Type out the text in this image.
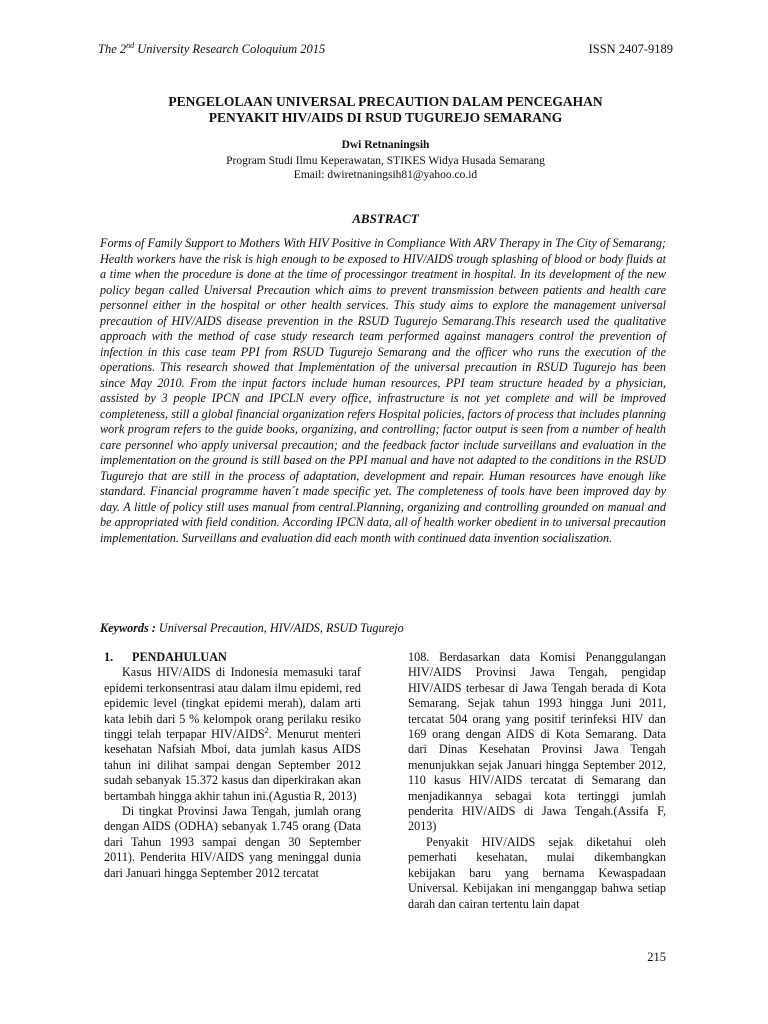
The 2nd University Research Coloquium 2015	ISSN 2407-9189
PENGELOLAAN UNIVERSAL PRECAUTION DALAM PENCEGAHAN
PENYAKIT HIV/AIDS DI RSUD TUGUREJO SEMARANG
Dwi Retnaningsih
Program Studi Ilmu Keperawatan, STIKES Widya Husada Semarang
Email: dwiretnaningsih81@yahoo.co.id
ABSTRACT
Forms of Family Support to Mothers With HIV Positive in Compliance With ARV Therapy in The City of Semarang; Health workers have the risk is high enough to be exposed to HIV/AIDS trough splashing of blood or body fluids at a time when the procedure is done at the time of processingor treatment in hospital. In its development of the new policy began called Universal Precaution which aims to prevent transmission between patients and health care personnel either in the hospital or other health services. This study aims to explore the management universal precaution of HIV/AIDS disease prevention in the RSUD Tugurejo Semarang.This research used the qualitative approach with the method of case study research team performed against managers control the prevention of infection in this case team PPI from RSUD Tugurejo Semarang and the officer who runs the execution of the operations. This research showed that Implementation of the universal precaution in RSUD Tugurejo has been since May 2010. From the input factors include human resources, PPI team structure headed by a physician, assisted by 3 people IPCN and IPCLN every office, infrastructure is not yet complete and will be improved completeness, still a global financial organization refers Hospital policies, factors of process that includes planning work program refers to the guide books, organizing, and controlling; factor output is seen from a number of health care personnel who apply universal precaution; and the feedback factor include surveillans and evaluation in the implementation on the ground is still based on the PPI manual and have not adapted to the conditions in the RSUD Tugurejo that are still in the process of adaptation, development and repair. Human resources have enough like standard. Financial programme haven´t made specific yet. The completeness of tools have been improved day by day. A little of policy still uses manual from central.Planning, organizing and controlling grounded on manual and be appropriated with field condition. According IPCN data, all of health worker obedient in to universal precaution implementation. Surveillans and evaluation did each month with continued data invention socialiszation.
Keywords : Universal Precaution, HIV/AIDS, RSUD Tugurejo

1. PENDAHULUAN

Kasus HIV/AIDS di Indonesia memasuki taraf epidemi terkonsentrasi atau dalam ilmu epidemi, red epidemic level (tingkat epidemi merah), dalam arti kata lebih dari 5 % kelompok orang perilaku resiko tinggi telah terpapar HIV/AIDS$^2$. Menurut menteri kesehatan Nafsiah Mboi, data jumlah kasus AIDS tahun ini dilihat sampai dengan September 2012 sudah sebanyak 15.372 kasus dan diperkirakan akan bertambah hingga akhir tahun ini.(Agustia R, 2013)

Di tingkat Provinsi Jawa Tengah, jumlah orang dengan AIDS (ODHA) sebanyak 1.745 orang (Data dari Tahun 1993 sampai dengan 30 September 2011). Penderita HIV/AIDS yang meninggal dunia dari Januari hingga September 2012 tercatat

108. Berdasarkan data Komisi Penanggulangan HIV/AIDS Provinsi Jawa Tengah, pengidap HIV/AIDS terbesar di Jawa Tengah berada di Kota Semarang. Sejak tahun 1993 hingga Juni 2011, tercatat 504 orang yang positif terinfeksi HIV dan 169 orang dengan AIDS di Kota Semarang. Data dari Dinas Kesehatan Provinsi Jawa Tengah menunjukkan sejak Januari hingga September 2012, 110 kasus HIV/AIDS tercatat di Semarang dan menjadikannya sebagai kota tertinggi jumlah penderita HIV/AIDS di Jawa Tengah.(Assifa F, 2013)

Penyakit HIV/AIDS sejak diketahui oleh pemerhati kesehatan, mulai dikembangkan kebijakan baru yang bernama Kewaspadaan Universal. Kebijakan ini menganggap bahwa setiap darah dan cairan tertentu lain dapat

215
